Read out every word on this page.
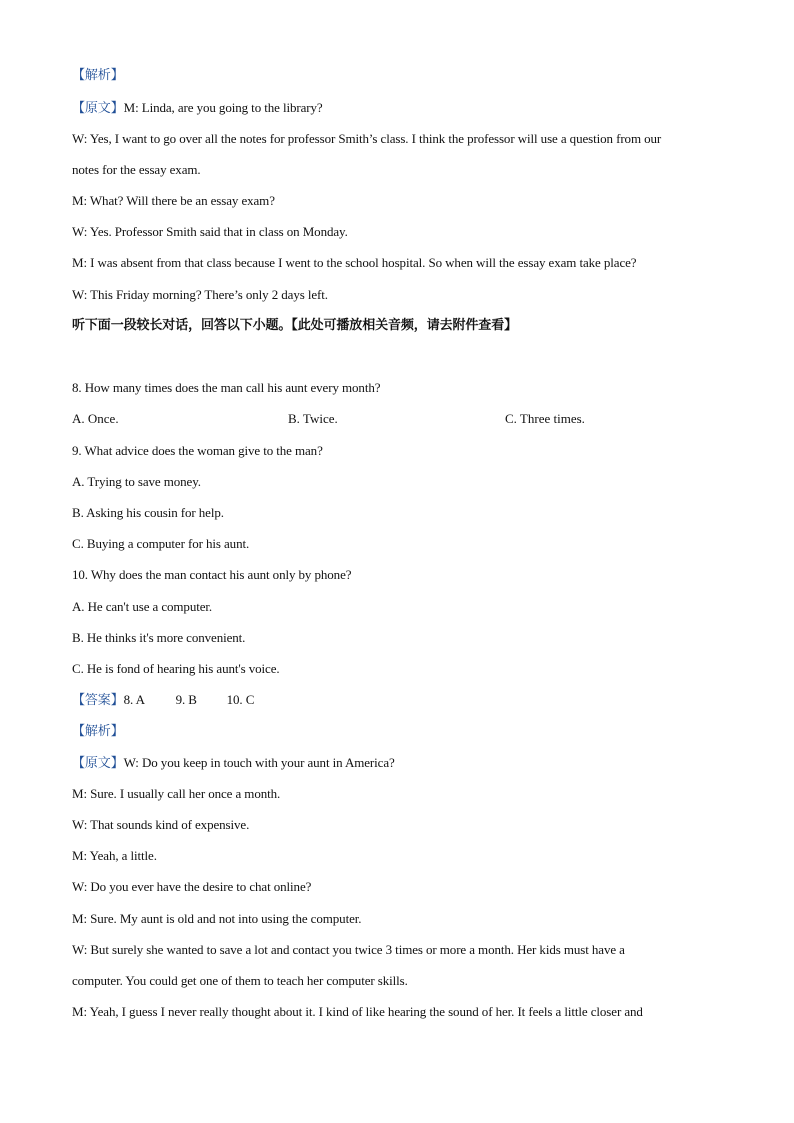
【解析】
【原文】M: Linda, are you going to the library?
W: Yes, I want to go over all the notes for professor Smith’s class. I think the professor will use a question from our
notes for the essay exam.
M: What? Will there be an essay exam?
W: Yes. Professor Smith said that in class on Monday.
M: I was absent from that class because I went to the school hospital. So when will the essay exam take place?
W: This Friday morning? There’s only 2 days left.
听下面一段较长对话，回答以下小题。【此处可播放相关音频，请去附件查看】
8. How many times does the man call his aunt every month?
A. Once.	B. Twice.	C. Three times.
9. What advice does the woman give to the man?
A. Trying to save money.
B. Asking his cousin for help.
C. Buying a computer for his aunt.
10. Why does the man contact his aunt only by phone?
A. He can't use a computer.
B. He thinks it's more convenient.
C. He is fond of hearing his aunt's voice.
【答案】8. A 9. B 10. C
【解析】
【原文】W: Do you keep in touch with your aunt in America?
M: Sure. I usually call her once a month.
W: That sounds kind of expensive.
M: Yeah, a little.
W: Do you ever have the desire to chat online?
M: Sure. My aunt is old and not into using the computer.
W: But surely she wanted to save a lot and contact you twice 3 times or more a month. Her kids must have a
computer. You could get one of them to teach her computer skills.
M: Yeah, I guess I never really thought about it. I kind of like hearing the sound of her. It feels a little closer and
